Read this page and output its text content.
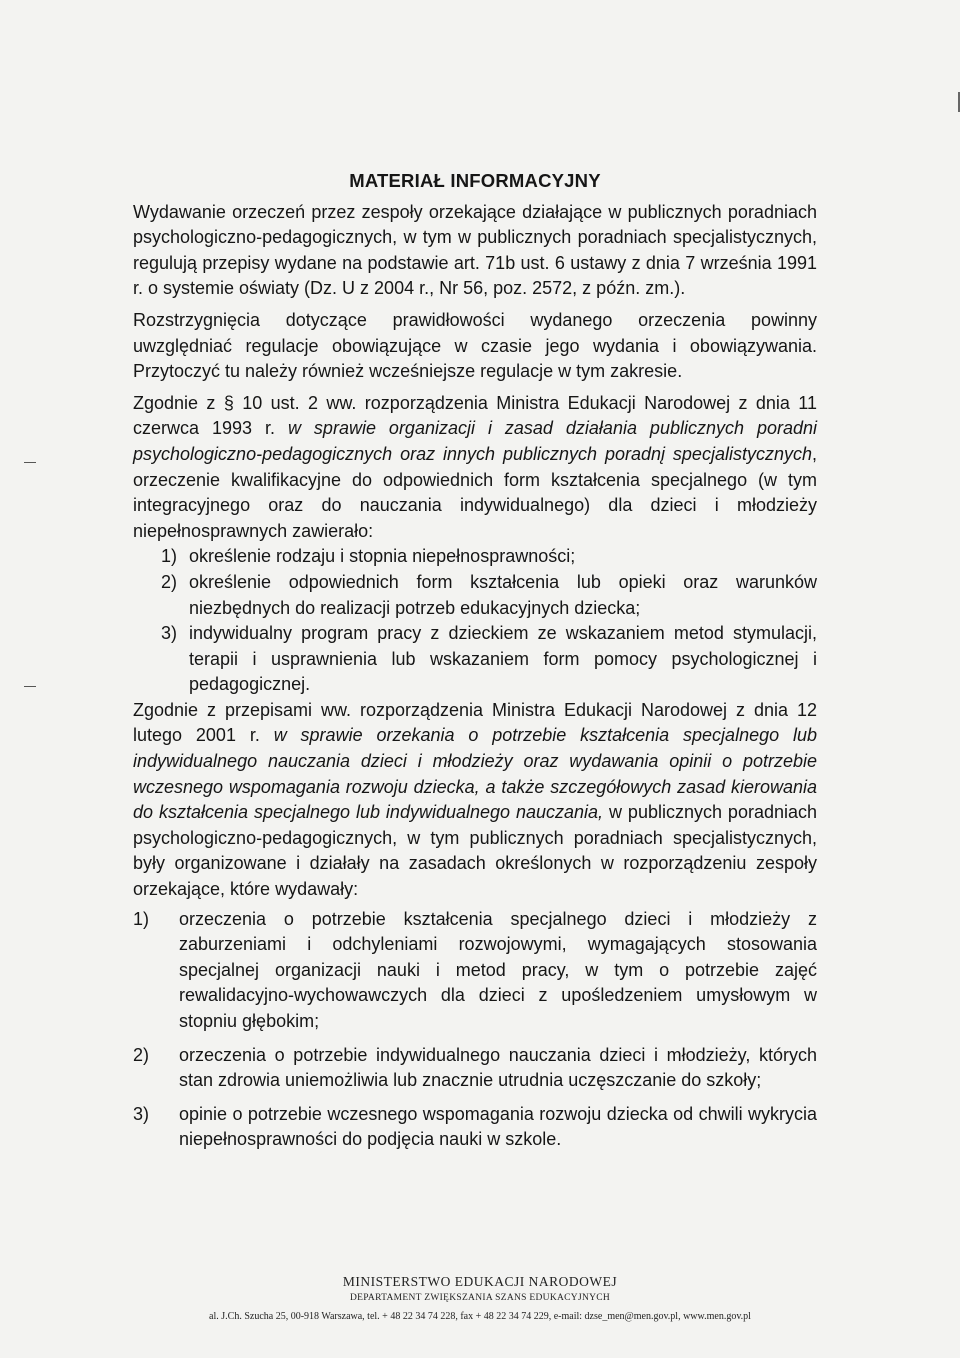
MATERIAŁ INFORMACYJNY

Wydawanie orzeczeń przez zespoły orzekające działające w publicznych poradniach psychologiczno-pedagogicznych, w tym w publicznych poradniach specjalistycznych, regulują przepisy wydane na podstawie art. 71b ust. 6 ustawy z dnia 7 września 1991 r. o systemie oświaty (Dz. U z 2004 r., Nr 56, poz. 2572, z późn. zm.).

Rozstrzygnięcia dotyczące prawidłowości wydanego orzeczenia powinny uwzględniać regulacje obowiązujące w czasie jego wydania i obowiązywania. Przytoczyć tu należy również wcześniejsze regulacje w tym zakresie.

Zgodnie z § 10 ust. 2 ww. rozporządzenia Ministra Edukacji Narodowej z dnia 11 czerwca 1993 r. w sprawie organizacji i zasad działania publicznych poradni psychologiczno-pedagogicznych oraz innych publicznych poradnį specjalistycznych, orzeczenie kwalifikacyjne do odpowiednich form kształcenia specjalnego (w tym integracyjnego oraz do nauczania indywidualnego) dla dzieci i młodzieży niepełnosprawnych zawierało:

1) określenie rodzaju i stopnia niepełnosprawności;
2) określenie odpowiednich form kształcenia lub opieki oraz warunków niezbędnych do realizacji potrzeb edukacyjnych dziecka;
3) indywidualny program pracy z dzieckiem ze wskazaniem metod stymulacji, terapii i usprawnienia lub wskazaniem form pomocy psychologicznej i pedagogicznej.

Zgodnie z przepisami ww. rozporządzenia Ministra Edukacji Narodowej z dnia 12 lutego 2001 r. w sprawie orzekania o potrzebie kształcenia specjalnego lub indywidualnego nauczania dzieci i młodzieży oraz wydawania opinii o potrzebie wczesnego wspomagania rozwoju dziecka, a także szczegółowych zasad kierowania do kształcenia specjalnego lub indywidualnego nauczania, w publicznych poradniach psychologiczno-pedagogicznych, w tym publicznych poradniach specjalistycznych, były organizowane i działały na zasadach określonych w rozporządzeniu zespoły orzekające, które wydawały:

1) orzeczenia o potrzebie kształcenia specjalnego dzieci i młodzieży z zaburzeniami i odchyleniami rozwojowymi, wymagających stosowania specjalnej organizacji nauki i metod pracy, w tym o potrzebie zajęć rewalidacyjno-wychowawczych dla dzieci z upośledzeniem umysłowym w stopniu głębokim;
2) orzeczenia o potrzebie indywidualnego nauczania dzieci i młodzieży, których stan zdrowia uniemożliwia lub znacznie utrudnia uczęszczanie do szkoły;
3) opinie o potrzebie wczesnego wspomagania rozwoju dziecka od chwili wykrycia niepełnosprawności do podjęcia nauki w szkole.
MINISTERSTWO EDUKACJI NARODOWEJ
DEPARTAMENT ZWIĘKSZANIA SZANS EDUKACYJNYCH
al. J.Ch. Szucha 25, 00-918 Warszawa, tel. + 48 22 34 74 228, fax + 48 22 34 74 229, e-mail: dzse_men@men.gov.pl, www.men.gov.pl
